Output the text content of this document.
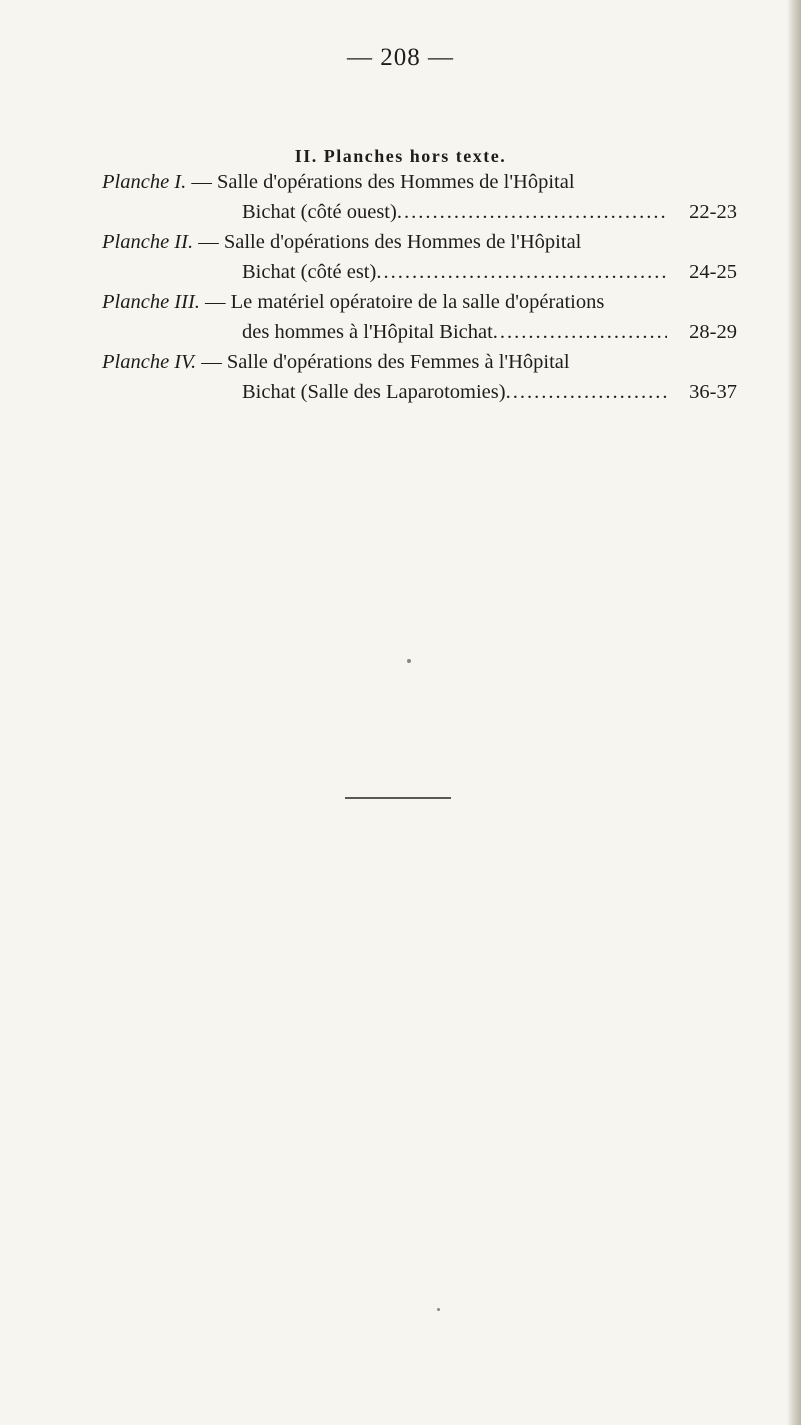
— 208 —
II. Planches hors texte.
Planche I. — Salle d'opérations des Hommes de l'Hôpital
Bichat (côté ouest) .....	22-23
Planche II. — Salle d'opérations des Hommes de l'Hôpital
Bichat (côté est) .....	24-25
Planche III. — Le matériel opératoire de la salle d'opérations
des hommes à l'Hôpital Bichat .....	28-29
Planche IV. — Salle d'opérations des Femmes à l'Hôpital
Bichat (Salle des Laparotomies) .....	36-37
